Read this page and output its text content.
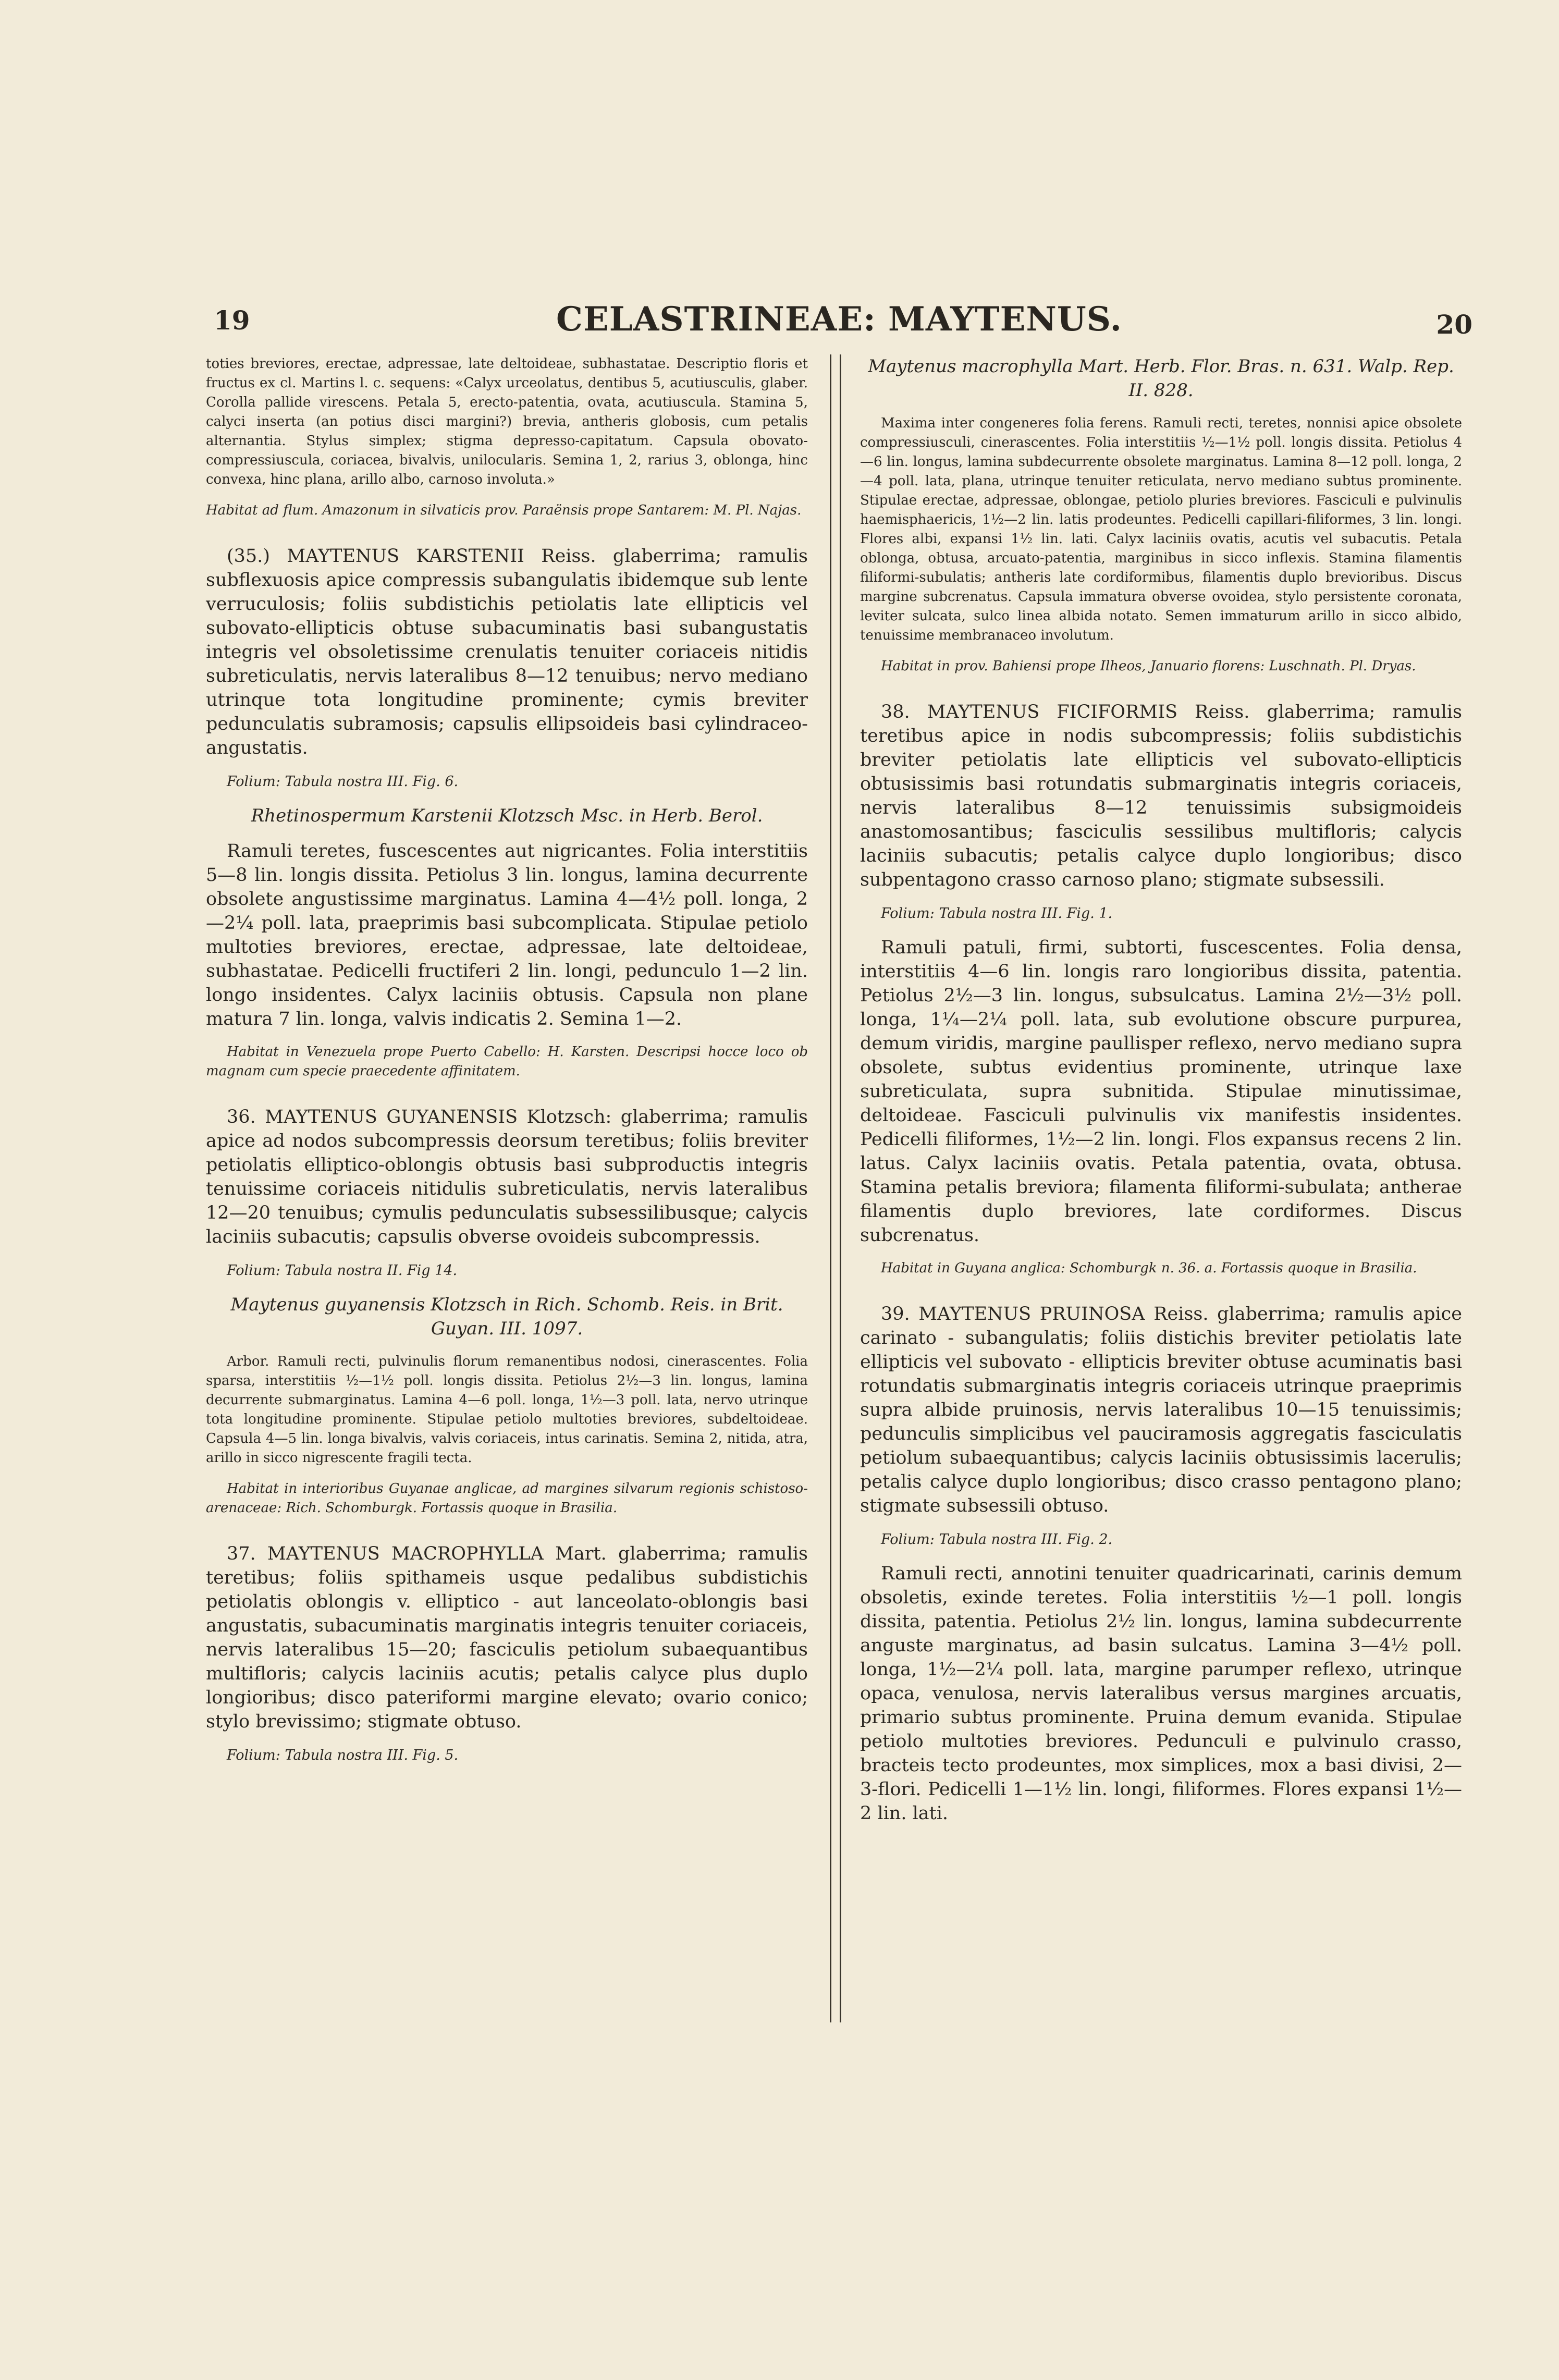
19	CELASTRINEAE: MAYTENUS.	20

toties breviores, erectae, adpressae, late deltoideae, subhastatae. Descriptio floris et fructus ex cl. Martins l. c. sequens: «Calyx urceolatus, dentibus 5, acutiusculis, glaber. Corolla pallide virescens. Petala 5, erecto-patentia, ovata, acutiuscula. Stamina 5, calyci inserta (an potius disci margini?) brevia, antheris globosis, cum petalis alternantia. Stylus simplex; stigma depresso-capitatum. Capsula obovato-compressiuscula, coriacea, bivalvis, unilocularis. Semina 1, 2, rarius 3, oblonga, hinc convexa, hinc plana, arillo albo, carnoso involuta.»

Habitat ad flum. Amazonum in silvaticis prov. Paraënsis prope Santarem: M. Pl. Najas.

(35.) MAYTENUS KARSTENII Reiss. glaberrima; ramulis subflexuosis apice compressis subangulatis ibidemque sub lente verruculosis; foliis subdistichis petiolatis late ellipticis vel subovato-ellipticis obtuse subacuminatis basi subangustatis integris vel obsoletissime crenulatis tenuiter coriaceis nitidis subreticulatis, nervis lateralibus 8—12 tenuibus; nervo mediano utrinque tota longitudine prominente; cymis breviter pedunculatis subramosis; capsulis ellipsoideis basi cylindraceo-angustatis.

Folium: Tabula nostra III. Fig. 6.

Rhetinospermum Karstenii Klotzsch Msc. in Herb. Berol.

Ramuli teretes, fuscescentes aut nigricantes. Folia interstitiis 5—8 lin. longis dissita. Petiolus 3 lin. longus, lamina decurrente obsolete angustissime marginatus. Lamina 4—4½ poll. longa, 2—2¼ poll. lata, praeprimis basi subcomplicata. Stipulae petiolo multoties breviores, erectae, adpressae, late deltoideae, subhastatae. Pedicelli fructiferi 2 lin. longi, pedunculo 1—2 lin. longo insidentes. Calyx laciniis obtusis. Capsula non plane matura 7 lin. longa, valvis indicatis 2. Semina 1—2.

Habitat in Venezuela prope Puerto Cabello: H. Karsten. Descripsi hocce loco ob magnam cum specie praecedente affinitatem.

36. MAYTENUS GUYANENSIS Klotzsch: glaberrima; ramulis apice ad nodos subcompressis deorsum teretibus; foliis breviter petiolatis elliptico-oblongis obtusis basi subproductis integris tenuissime coriaceis nitidulis subreticulatis, nervis lateralibus 12—20 tenuibus; cymulis pedunculatis subsessilibusque; calycis laciniis subacutis; capsulis obverse ovoideis subcompressis.

Folium: Tabula nostra II. Fig 14.

Maytenus guyanensis Klotzsch in Rich. Schomb. Reis. in Brit. Guyan. III. 1097.

Arbor. Ramuli recti, pulvinulis florum remanentibus nodosi, cinerascentes. Folia sparsa, interstitiis ½—1½ poll. longis dissita. Petiolus 2½—3 lin. longus, lamina decurrente submarginatus. Lamina 4—6 poll. longa, 1½—3 poll. lata, nervo utrinque tota longitudine prominente. Stipulae petiolo multoties breviores, subdeltoideae. Capsula 4—5 lin. longa bivalvis, valvis coriaceis, intus carinatis. Semina 2, nitida, atra, arillo in sicco nigrescente fragili tecta.

Habitat in interioribus Guyanae anglicae, ad margines silvarum regionis schistoso-arenaceae: Rich. Schomburgk. Fortassis quoque in Brasilia.

37. MAYTENUS MACROPHYLLA Mart. glaberrima; ramulis teretibus; foliis spithameis usque pedalibus subdistichis petiolatis oblongis v. elliptico - aut lanceolato-oblongis basi angustatis, subacuminatis marginatis integris tenuiter coriaceis, nervis lateralibus 15—20; fasciculis petiolum subaequantibus multifloris; calycis laciniis acutis; petalis calyce plus duplo longioribus; disco pateriformi margine elevato; ovario conico; stylo brevissimo; stigmate obtuso.

Folium: Tabula nostra III. Fig. 5.

Maytenus macrophylla Mart. Herb. Flor. Bras. n. 631. Walp. Rep. II. 828.

Maxima inter congeneres folia ferens. Ramuli recti, teretes, nonnisi apice obsolete compressiusculi, cinerascentes. Folia interstitiis ½—1½ poll. longis dissita. Petiolus 4—6 lin. longus, lamina subdecurrente obsolete marginatus. Lamina 8—12 poll. longa, 2—4 poll. lata, plana, utrinque tenuiter reticulata, nervo mediano subtus prominente. Stipulae erectae, adpressae, oblongae, petiolo pluries breviores. Fasciculi e pulvinulis haemisphaericis, 1½—2 lin. latis prodeuntes. Pedicelli capillari-filiformes, 3 lin. longi. Flores albi, expansi 1½ lin. lati. Calyx laciniis ovatis, acutis vel subacutis. Petala oblonga, obtusa, arcuato-patentia, marginibus in sicco inflexis. Stamina filamentis filiformi-subulatis; antheris late cordiformibus, filamentis duplo brevioribus. Discus margine subcrenatus. Capsula immatura obverse ovoidea, stylo persistente coronata, leviter sulcata, sulco linea albida notato. Semen immaturum arillo in sicco albido, tenuissime membranaceo involutum.

Habitat in prov. Bahiensi prope Ilheos, Januario florens: Luschnath. Pl. Dryas.

38. MAYTENUS FICIFORMIS Reiss. glaberrima; ramulis teretibus apice in nodis subcompressis; foliis subdistichis breviter petiolatis late ellipticis vel subovato-ellipticis obtusissimis basi rotundatis submarginatis integris coriaceis, nervis lateralibus 8—12 tenuissimis subsigmoideis anastomosantibus; fasciculis sessilibus multifloris; calycis laciniis subacutis; petalis calyce duplo longioribus; disco subpentagono crasso carnoso plano; stigmate subsessili.

Folium: Tabula nostra III. Fig. 1.

Ramuli patuli, firmi, subtorti, fuscescentes. Folia densa, interstitiis 4—6 lin. longis raro longioribus dissita, patentia. Petiolus 2½—3 lin. longus, subsulcatus. Lamina 2½—3½ poll. longa, 1¼—2¼ poll. lata, sub evolutione obscure purpurea, demum viridis, margine paullisper reflexo, nervo mediano supra obsolete, subtus evidentius prominente, utrinque laxe subreticulata, supra subnitida. Stipulae minutissimae, deltoideae. Fasciculi pulvinulis vix manifestis insidentes. Pedicelli filiformes, 1½—2 lin. longi. Flos expansus recens 2 lin. latus. Calyx laciniis ovatis. Petala patentia, ovata, obtusa. Stamina petalis breviora; filamenta filiformi-subulata; antherae filamentis duplo breviores, late cordiformes. Discus subcrenatus.

Habitat in Guyana anglica: Schomburgk n. 36. a. Fortassis quoque in Brasilia.

39. MAYTENUS PRUINOSA Reiss. glaberrima; ramulis apice carinato - subangulatis; foliis distichis breviter petiolatis late ellipticis vel subovato - ellipticis breviter obtuse acuminatis basi rotundatis submarginatis integris coriaceis utrinque praeprimis supra albide pruinosis, nervis lateralibus 10—15 tenuissimis; pedunculis simplicibus vel pauciramosis aggregatis fasciculatis petiolum subaequantibus; calycis laciniis obtusissimis lacerulis; petalis calyce duplo longioribus; disco crasso pentagono plano; stigmate subsessili obtuso.

Folium: Tabula nostra III. Fig. 2.

Ramuli recti, annotini tenuiter quadricarinati, carinis demum obsoletis, exinde teretes. Folia interstitiis ½—1 poll. longis dissita, patentia. Petiolus 2½ lin. longus, lamina subdecurrente anguste marginatus, ad basin sulcatus. Lamina 3—4½ poll. longa, 1½—2¼ poll. lata, margine parumper reflexo, utrinque opaca, venulosa, nervis lateralibus versus margines arcuatis, primario subtus prominente. Pruina demum evanida. Stipulae petiolo multoties breviores. Pedunculi e pulvinulo crasso, bracteis tecto prodeuntes, mox simplices, mox a basi divisi, 2—3-flori. Pedicelli 1—1½ lin. longi, filiformes. Flores expansi 1½—2 lin. lati.
